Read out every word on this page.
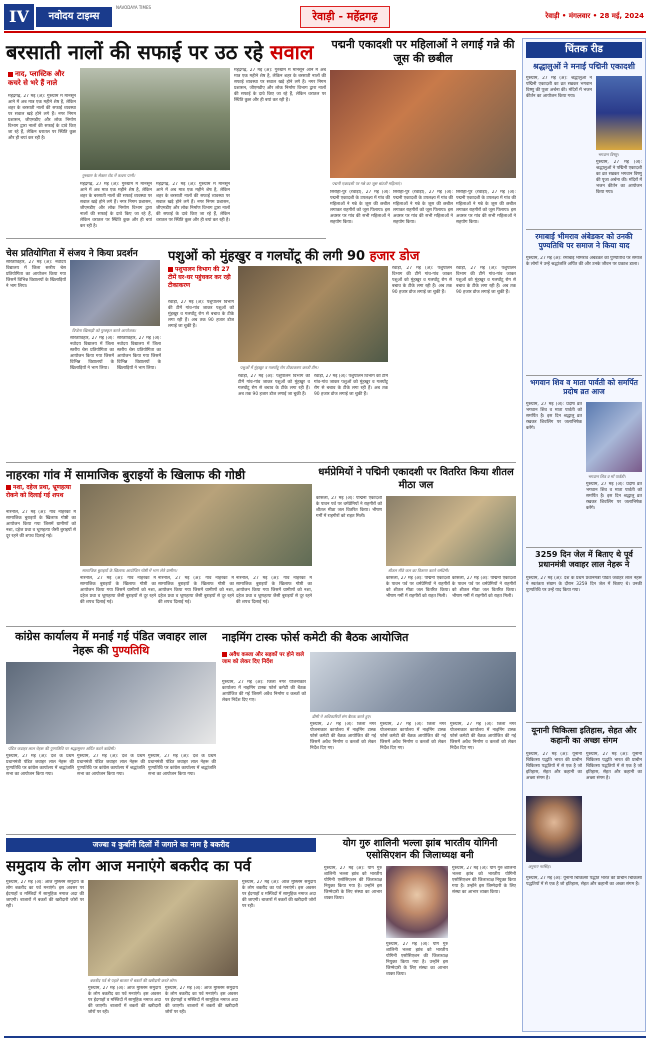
IV	नवोदय टाइम्स
NAVODAYA TIMES
रेवाड़ी - महेंद्रगढ़	रेवाड़ी • मंगलवार • 28 मई, 2024
बरसाती नालों की सफाई पर उठ रहे सवाल
नाद, प्लास्टिक और कचरे से भरे हैं नाले
महेंद्रगढ़, 27 मई (अ): गुरुग्राम में मानसून आने में अब मात्र एक महीने शेष है, लेकिन शहर के बरसाती नालों की सफाई व्यवस्था पर सवाल खड़े होने लगे हैं। नगर निगम प्रशासन, जीएमडीए और लोक निर्माण विभाग द्वारा नालों की सफाई के दावे किए जा रहे हैं, लेकिन धरातल पर स्थिति कुछ और ही बयां कर रही है।
गुरुग्राम के सेक्टर रोड में कचरा पानी।
महेंद्रगढ़, 27 मई (अ): गुरुग्राम में मानसून आने में अब मात्र एक महीने शेष है, लेकिन शहर के बरसाती नालों की सफाई व्यवस्था पर सवाल खड़े होने लगे हैं। नगर निगम प्रशासन, जीएमडीए और लोक निर्माण विभाग द्वारा नालों की सफाई के दावे किए जा रहे हैं, लेकिन धरातल पर स्थिति कुछ और ही बयां कर रही है।
महेंद्रगढ़, 27 मई (अ): गुरुग्राम में मानसून आने में अब मात्र एक महीने शेष है, लेकिन शहर के बरसाती नालों की सफाई व्यवस्था पर सवाल खड़े होने लगे हैं। नगर निगम प्रशासन, जीएमडीए और लोक निर्माण विभाग द्वारा नालों की सफाई के दावे किए जा रहे हैं, लेकिन धरातल पर स्थिति कुछ और ही बयां कर रही है।
महेंद्रगढ़, 27 मई (अ): गुरुग्राम में मानसून आने में अब मात्र एक महीने शेष है, लेकिन शहर के बरसाती नालों की सफाई व्यवस्था पर सवाल खड़े होने लगे हैं। नगर निगम प्रशासन, जीएमडीए और लोक निर्माण विभाग द्वारा नालों की सफाई के दावे किए जा रहे हैं, लेकिन धरातल पर स्थिति कुछ और ही बयां कर रही है।
पद्मनी एकादशी पर महिलाओं ने लगाई गन्ने की जूस की छबील
पद्मनी एकादशी पर गन्ने का जूस बांटती महिलाएं।
सिरोही-पुर (रेवाड़ी), 27 मई (अ): पद्मनी एकादशी के उपलक्ष्य में गांव की महिलाओं ने गन्ने के जूस की छबील लगाकर राहगीरों को जूस पिलाया। इस अवसर पर गांव की सभी महिलाओं ने सहयोग किया।
सिरोही-पुर (रेवाड़ी), 27 मई (अ): पद्मनी एकादशी के उपलक्ष्य में गांव की महिलाओं ने गन्ने के जूस की छबील लगाकर राहगीरों को जूस पिलाया। इस अवसर पर गांव की सभी महिलाओं ने सहयोग किया।
सिरोही-पुर (रेवाड़ी), 27 मई (अ): पद्मनी एकादशी के उपलक्ष्य में गांव की महिलाओं ने गन्ने के जूस की छबील लगाकर राहगीरों को जूस पिलाया। इस अवसर पर गांव की सभी महिलाओं ने सहयोग किया।
चेस प्रतियोगिता में संजय ने किया प्रदर्शन
सरिताविहार, 27 मई (अ): नवोदय विद्यालय में जिला स्तरीय चेस प्रतियोगिता का आयोजन किया गया जिसमें विभिन्न विद्यालयों के खिलाड़ियों ने भाग लिया।
विजेता खिलाड़ी को पुरस्कृत करते आयोजक।
सरिताविहार, 27 मई (अ): नवोदय विद्यालय में जिला स्तरीय चेस प्रतियोगिता का आयोजन किया गया जिसमें विभिन्न विद्यालयों के खिलाड़ियों ने भाग लिया।
सरिताविहार, 27 मई (अ): नवोदय विद्यालय में जिला स्तरीय चेस प्रतियोगिता का आयोजन किया गया जिसमें विभिन्न विद्यालयों के खिलाड़ियों ने भाग लिया।
पशुओं को मुंहखुर व गलघोंटू की लगी 90 हजार डोज
पशुपालन विभाग की 27 टीमें घर-घर पहुंचकर कर रही टीकाकरण
रेवाड़ी, 27 मई (अ): पशुपालन विभाग की टीमें गांव-गांव जाकर पशुओं को मुंहखुर व गलघोंटू रोग से बचाव के टीके लगा रही हैं। अब तक 90 हजार डोज लगाई जा चुकी हैं।
पशुओं में मुंहखुर व गलघोंटू रोग टीकाकरण करती टीम।
रेवाड़ी, 27 मई (अ): पशुपालन विभाग की टीमें गांव-गांव जाकर पशुओं को मुंहखुर व गलघोंटू रोग से बचाव के टीके लगा रही हैं। अब तक 90 हजार डोज लगाई जा चुकी हैं।
रेवाड़ी, 27 मई (अ): पशुपालन विभाग की टीमें गांव-गांव जाकर पशुओं को मुंहखुर व गलघोंटू रोग से बचाव के टीके लगा रही हैं। अब तक 90 हजार डोज लगाई जा चुकी हैं।
रेवाड़ी, 27 मई (अ): पशुपालन विभाग की टीमें गांव-गांव जाकर पशुओं को मुंहखुर व गलघोंटू रोग से बचाव के टीके लगा रही हैं। अब तक 90 हजार डोज लगाई जा चुकी हैं।
रेवाड़ी, 27 मई (अ): पशुपालन विभाग की टीमें गांव-गांव जाकर पशुओं को मुंहखुर व गलघोंटू रोग से बचाव के टीके लगा रही हैं। अब तक 90 हजार डोज लगाई जा चुकी हैं।
नाहरका गांव में सामाजिक बुराइयों के खिलाफ की गोष्ठी
नशा, दहेज प्रथा, भ्रूणहत्या रोकने को दिलाई गई शपथ
नारनौल, 27 मई (अ): गांव नाहरका में सामाजिक बुराइयों के खिलाफ गोष्ठी का आयोजन किया गया जिसमें ग्रामीणों को नशा, दहेज प्रथा व भ्रूणहत्या जैसी बुराइयों से दूर रहने की शपथ दिलाई गई।
सामाजिक बुराइयों के खिलाफ आयोजित गोष्ठी में भाग लेते ग्रामीण।
नारनौल, 27 मई (अ): गांव नाहरका में सामाजिक बुराइयों के खिलाफ गोष्ठी का आयोजन किया गया जिसमें ग्रामीणों को नशा, दहेज प्रथा व भ्रूणहत्या जैसी बुराइयों से दूर रहने की शपथ दिलाई गई।
नारनौल, 27 मई (अ): गांव नाहरका में सामाजिक बुराइयों के खिलाफ गोष्ठी का आयोजन किया गया जिसमें ग्रामीणों को नशा, दहेज प्रथा व भ्रूणहत्या जैसी बुराइयों से दूर रहने की शपथ दिलाई गई।
नारनौल, 27 मई (अ): गांव नाहरका में सामाजिक बुराइयों के खिलाफ गोष्ठी का आयोजन किया गया जिसमें ग्रामीणों को नशा, दहेज प्रथा व भ्रूणहत्या जैसी बुराइयों से दूर रहने की शपथ दिलाई गई।
धर्मप्रेमियों ने पद्मिनी एकादशी पर वितरित किया शीतल मीठा जल
कोसली, 27 मई (अ): पद्मिनी एकादशी के पावन पर्व पर धर्मप्रेमियों ने राहगीरों को शीतल मीठा जल वितरित किया। भीषण गर्मी में राहगीरों को राहत मिली।
शीतल मीठे जल का वितरण करते धर्मप्रेमी।
कोसली, 27 मई (अ): पद्मिनी एकादशी के पावन पर्व पर धर्मप्रेमियों ने राहगीरों को शीतल मीठा जल वितरित किया। भीषण गर्मी में राहगीरों को राहत मिली।
कोसली, 27 मई (अ): पद्मिनी एकादशी के पावन पर्व पर धर्मप्रेमियों ने राहगीरों को शीतल मीठा जल वितरित किया। भीषण गर्मी में राहगीरों को राहत मिली।
कांग्रेस कार्यालय में मनाई गई पंडित जवाहर लाल नेहरू की पुण्यतिथि
पंडित जवाहर लाल नेहरू की पुण्यतिथि पर श्रद्धासुमन अर्पित करते कांग्रेसी।
गुरुग्राम, 27 मई (अ): देश के प्रथम प्रधानमंत्री पंडित जवाहर लाल नेहरू की पुण्यतिथि पर कांग्रेस कार्यालय में श्रद्धांजलि सभा का आयोजन किया गया।
गुरुग्राम, 27 मई (अ): देश के प्रथम प्रधानमंत्री पंडित जवाहर लाल नेहरू की पुण्यतिथि पर कांग्रेस कार्यालय में श्रद्धांजलि सभा का आयोजन किया गया।
गुरुग्राम, 27 मई (अ): देश के प्रथम प्रधानमंत्री पंडित जवाहर लाल नेहरू की पुण्यतिथि पर कांग्रेस कार्यालय में श्रद्धांजलि सभा का आयोजन किया गया।
नाइमिंग टास्क फोर्स कमेटी की बैठक आयोजित
अवैध कब्जा और सड़कों पर होने वाले जाम को लेकर दिए निर्देश
गुरुग्राम, 27 मई (अ): जिला नगर योजनाकार कार्यालय में नाइमिंग टास्क फोर्स कमेटी की बैठक आयोजित की गई जिसमें अवैध निर्माण व कब्जों को लेकर निर्देश दिए गए।
डीसी ने अधिकारियों संग बैठक करते हुए।
गुरुग्राम, 27 मई (अ): जिला नगर योजनाकार कार्यालय में नाइमिंग टास्क फोर्स कमेटी की बैठक आयोजित की गई जिसमें अवैध निर्माण व कब्जों को लेकर निर्देश दिए गए।
गुरुग्राम, 27 मई (अ): जिला नगर योजनाकार कार्यालय में नाइमिंग टास्क फोर्स कमेटी की बैठक आयोजित की गई जिसमें अवैध निर्माण व कब्जों को लेकर निर्देश दिए गए।
गुरुग्राम, 27 मई (अ): जिला नगर योजनाकार कार्यालय में नाइमिंग टास्क फोर्स कमेटी की बैठक आयोजित की गई जिसमें अवैध निर्माण व कब्जों को लेकर निर्देश दिए गए।
जज्बा व कुर्बानी दिलों में जगाने का नाम है बकरीद
समुदाय के लोग आज मनाएंगे बकरीद का पर्व
गुरुग्राम, 27 मई (अ): आज मुस्लिम समुदाय के लोग बकरीद का पर्व मनाएंगे। इस अवसर पर ईदगाहों व मस्जिदों में सामूहिक नमाज अदा की जाएगी। बाजारों में बकरों की खरीदारी जोरों पर रही।
बकरीद पर्व से पहले बाजार में बकरों की खरीदारी करते लोग।
गुरुग्राम, 27 मई (अ): आज मुस्लिम समुदाय के लोग बकरीद का पर्व मनाएंगे। इस अवसर पर ईदगाहों व मस्जिदों में सामूहिक नमाज अदा की जाएगी। बाजारों में बकरों की खरीदारी जोरों पर रही।
गुरुग्राम, 27 मई (अ): आज मुस्लिम समुदाय के लोग बकरीद का पर्व मनाएंगे। इस अवसर पर ईदगाहों व मस्जिदों में सामूहिक नमाज अदा की जाएगी। बाजारों में बकरों की खरीदारी जोरों पर रही।
गुरुग्राम, 27 मई (अ): आज मुस्लिम समुदाय के लोग बकरीद का पर्व मनाएंगे। इस अवसर पर ईदगाहों व मस्जिदों में सामूहिक नमाज अदा की जाएगी। बाजारों में बकरों की खरीदारी जोरों पर रही।
योग गुरु शालिनी भल्ला झांब भारतीय योगिनी एसोसिएशन की जिलाध्यक्ष बनी
गुरुग्राम, 27 मई (अ): योग गुरु शालिनी भल्ला झांब को भारतीय योगिनी एसोसिएशन की जिलाध्यक्ष नियुक्त किया गया है। उन्होंने इस जिम्मेदारी के लिए संस्था का आभार व्यक्त किया।
गुरुग्राम, 27 मई (अ): योग गुरु शालिनी भल्ला झांब को भारतीय योगिनी एसोसिएशन की जिलाध्यक्ष नियुक्त किया गया है। उन्होंने इस जिम्मेदारी के लिए संस्था का आभार व्यक्त किया।
गुरुग्राम, 27 मई (अ): योग गुरु शालिनी भल्ला झांब को भारतीय योगिनी एसोसिएशन की जिलाध्यक्ष नियुक्त किया गया है। उन्होंने इस जिम्मेदारी के लिए संस्था का आभार व्यक्त किया।
चिंतक रीड
श्रद्धालुओं ने मनाई पद्मिनी एकादशी
गुरुग्राम, 27 मई (अ): श्रद्धालुओं ने पद्मिनी एकादशी का व्रत रखकर भगवान विष्णु की पूजा अर्चना की। मंदिरों में भजन कीर्तन का आयोजन किया गया।
भगवान विष्णु।
गुरुग्राम, 27 मई (अ): श्रद्धालुओं ने पद्मिनी एकादशी का व्रत रखकर भगवान विष्णु की पूजा अर्चना की। मंदिरों में भजन कीर्तन का आयोजन किया गया।
रमाबाई भीमराव अंबेडकर को उनकी पुण्यतिथि पर समाज ने किया याद
गुरुग्राम, 27 मई (अ): रमाबाई भीमराव अंबेडकर की पुण्यतिथि पर समाज के लोगों ने उन्हें श्रद्धांजलि अर्पित की और उनके जीवन पर प्रकाश डाला।
भगवान शिव व माता पार्वती को समर्पित प्रदोष व्रत आज
गुरुग्राम, 27 मई (अ): प्रदोष व्रत भगवान शिव व माता पार्वती को समर्पित है। इस दिन श्रद्धालु व्रत रखकर शिवलिंग पर जलाभिषेक करेंगे।
भगवान शिव व माँ पार्वती।
गुरुग्राम, 27 मई (अ): प्रदोष व्रत भगवान शिव व माता पार्वती को समर्पित है। इस दिन श्रद्धालु व्रत रखकर शिवलिंग पर जलाभिषेक करेंगे।
3259 दिन जेल में बिताए थे पूर्व प्रधानमंत्री जवाहर लाल नेहरू ने
गुरुग्राम, 27 मई (अ): देश के प्रथम प्रधानमंत्री पंडित जवाहर लाल नेहरू ने स्वतंत्रता संग्राम के दौरान 3259 दिन जेल में बिताए थे। उनकी पुण्यतिथि पर उन्हें याद किया गया।
यूनानी चिकित्सा इतिहास, सेहत और कहानी का अच्छा संगम
गुरुग्राम, 27 मई (अ): यूनानी चिकित्सा पद्धति भारत की प्राचीन चिकित्सा पद्धतियों में से एक है जो इतिहास, सेहत और कहानी का अच्छा संगम है।
अनुराग नरसिंह।
गुरुग्राम, 27 मई (अ): यूनानी चिकित्सा पद्धति भारत की प्राचीन चिकित्सा पद्धतियों में से एक है जो इतिहास, सेहत और कहानी का अच्छा संगम है।
गुरुग्राम, 27 मई (अ): यूनानी चिकित्सा पद्धति भारत की प्राचीन चिकित्सा पद्धतियों में से एक है जो इतिहास, सेहत और कहानी का अच्छा संगम है।
